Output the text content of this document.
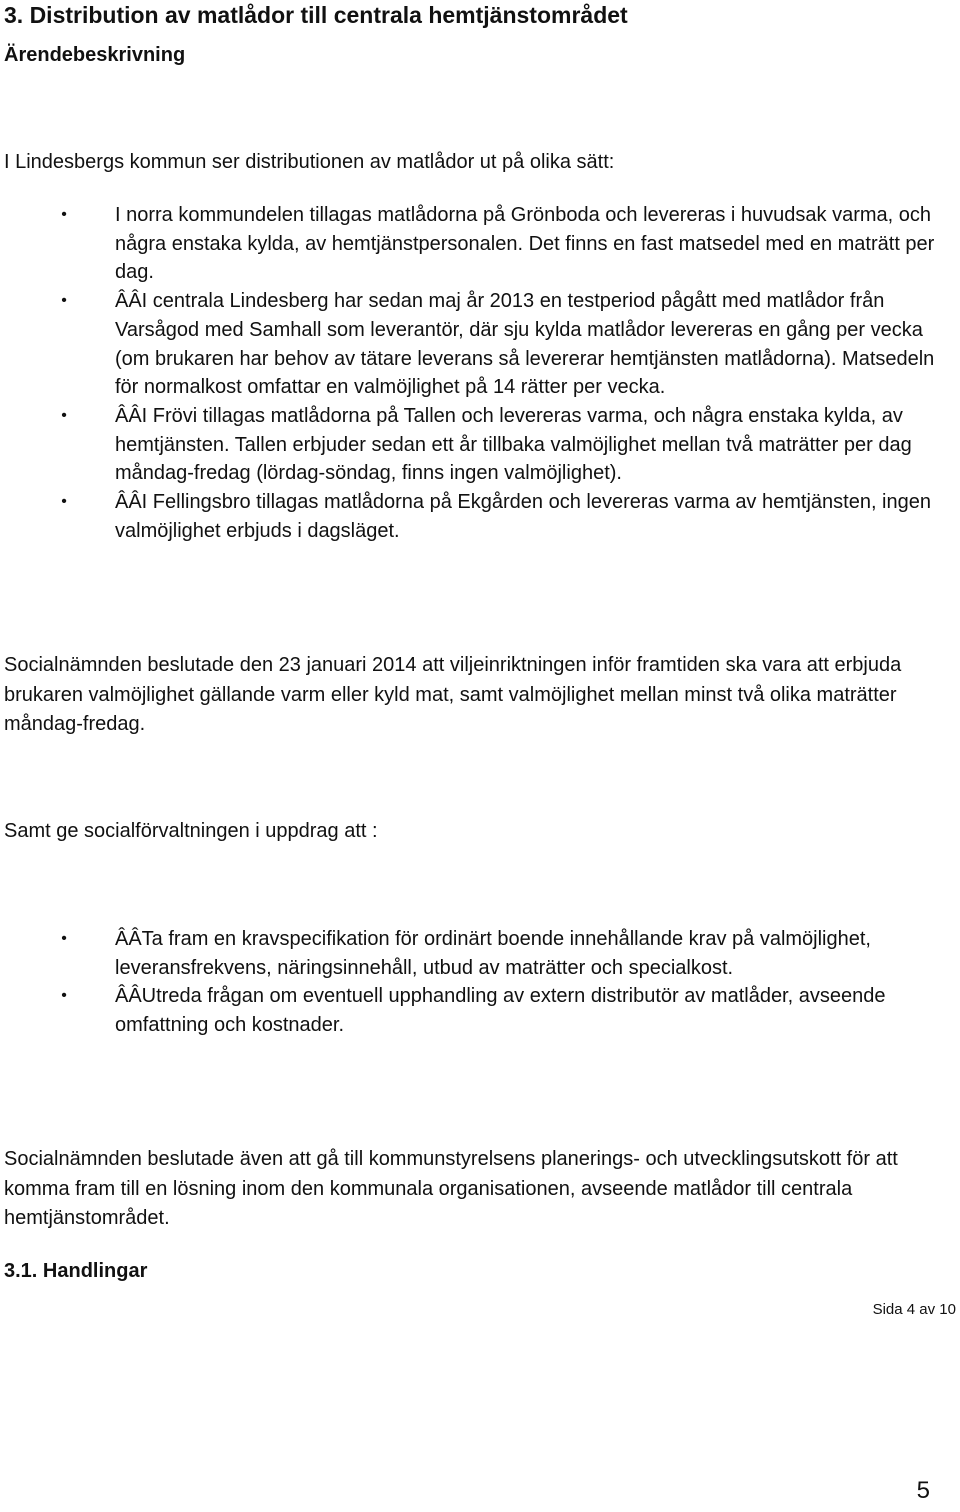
3. Distribution av matlådor till centrala hemtjänstområdet
Ärendebeskrivning

I Lindesbergs kommun ser distributionen av matlådor ut på olika sätt:

• I norra kommundelen tillagas matlådorna på Grönboda och levereras i huvudsak varma, och några enstaka kylda, av hemtjänstpersonalen. Det finns en fast matsedel med en maträtt per dag.
• ÂÂI centrala Lindesberg har sedan maj år 2013 en testperiod pågått med matlådor från Varsågod med Samhall som leverantör, där sju kylda matlådor levereras en gång per vecka (om brukaren har behov av tätare leverans så levererar hemtjänsten matlådorna). Matsedeln för normalkost omfattar en valmöjlighet på 14 rätter per vecka.
• ÂÂI Frövi tillagas matlådorna på Tallen och levereras varma, och några enstaka kylda, av hemtjänsten. Tallen erbjuder sedan ett år tillbaka valmöjlighet mellan två maträtter per dag måndag-fredag (lördag-söndag, finns ingen valmöjlighet).
• ÂÂI Fellingsbro tillagas matlådorna på Ekgården och levereras varma av hemtjänsten, ingen valmöjlighet erbjuds i dagsläget.

Socialnämnden beslutade den 23 januari 2014 att viljeinriktningen inför framtiden ska vara att erbjuda brukaren valmöjlighet gällande varm eller kyld mat, samt valmöjlighet mellan minst två olika maträtter måndag-fredag.

Samt ge socialförvaltningen i uppdrag att :

• ÂÂTa fram en kravspecifikation för ordinärt boende innehållande krav på valmöjlighet, leveransfrekvens, näringsinnehåll, utbud av maträtter och specialkost.
• ÂÂUtreda frågan om eventuell upphandling av extern distributör av matlåder, avseende omfattning och kostnader.

Socialnämnden beslutade även att gå till kommunstyrelsens planerings- och utvecklingsutskott för att komma fram till en lösning inom den kommunala organisationen, avseende matlådor till centrala hemtjänstområdet.

3.1. Handlingar
Sida 4 av 10
5
